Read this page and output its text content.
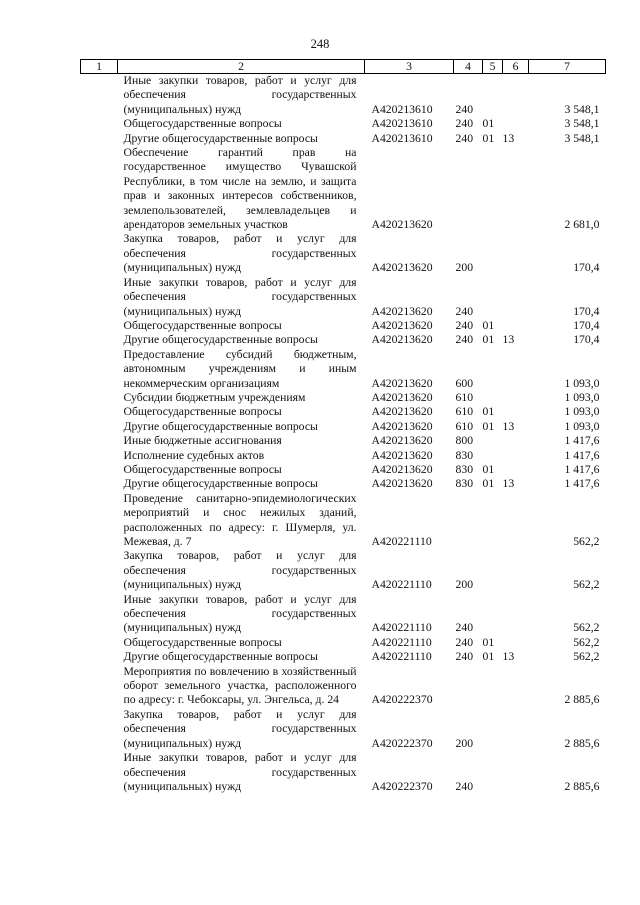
248
1	2	3	4	5	6	7
	Иные закупки товаров, работ и услуг для обеспечения государственных (муниципальных) нужд	А420213610	240			3 548,1
	Общегосударственные вопросы	А420213610	240	01		3 548,1
	Другие общегосударственные вопросы	А420213610	240	01	13	3 548,1
	Обеспечение гарантий прав на государственное имущество Чувашской Республики, в том числе на землю, и защита прав и законных интересов собственников, землепользователей, землевладельцев и арендаторов земельных участков	А420213620				2 681,0
	Закупка товаров, работ и услуг для обеспечения государственных (муниципальных) нужд	А420213620	200			170,4
	Иные закупки товаров, работ и услуг для обеспечения государственных (муниципальных) нужд	А420213620	240			170,4
	Общегосударственные вопросы	А420213620	240	01		170,4
	Другие общегосударственные вопросы	А420213620	240	01	13	170,4
	Предоставление субсидий бюджетным, автономным учреждениям и иным некоммерческим организациям	А420213620	600			1 093,0
	Субсидии бюджетным учреждениям	А420213620	610			1 093,0
	Общегосударственные вопросы	А420213620	610	01		1 093,0
	Другие общегосударственные вопросы	А420213620	610	01	13	1 093,0
	Иные бюджетные ассигнования	А420213620	800			1 417,6
	Исполнение судебных актов	А420213620	830			1 417,6
	Общегосударственные вопросы	А420213620	830	01		1 417,6
	Другие общегосударственные вопросы	А420213620	830	01	13	1 417,6
	Проведение санитарно-эпидемиологических мероприятий и снос нежилых зданий, расположенных по адресу: г. Шумерля, ул. Межевая, д. 7	А420221110				562,2
	Закупка товаров, работ и услуг для обеспечения государственных (муниципальных) нужд	А420221110	200			562,2
	Иные закупки товаров, работ и услуг для обеспечения государственных (муниципальных) нужд	А420221110	240			562,2
	Общегосударственные вопросы	А420221110	240	01		562,2
	Другие общегосударственные вопросы	А420221110	240	01	13	562,2
	Мероприятия по вовлечению в хозяйственный оборот земельного участка, расположенного по адресу: г. Чебоксары, ул. Энгельса, д. 24	А420222370				2 885,6
	Закупка товаров, работ и услуг для обеспечения государственных (муниципальных) нужд	А420222370	200			2 885,6
	Иные закупки товаров, работ и услуг для обеспечения государственных (муниципальных) нужд	А420222370	240			2 885,6
